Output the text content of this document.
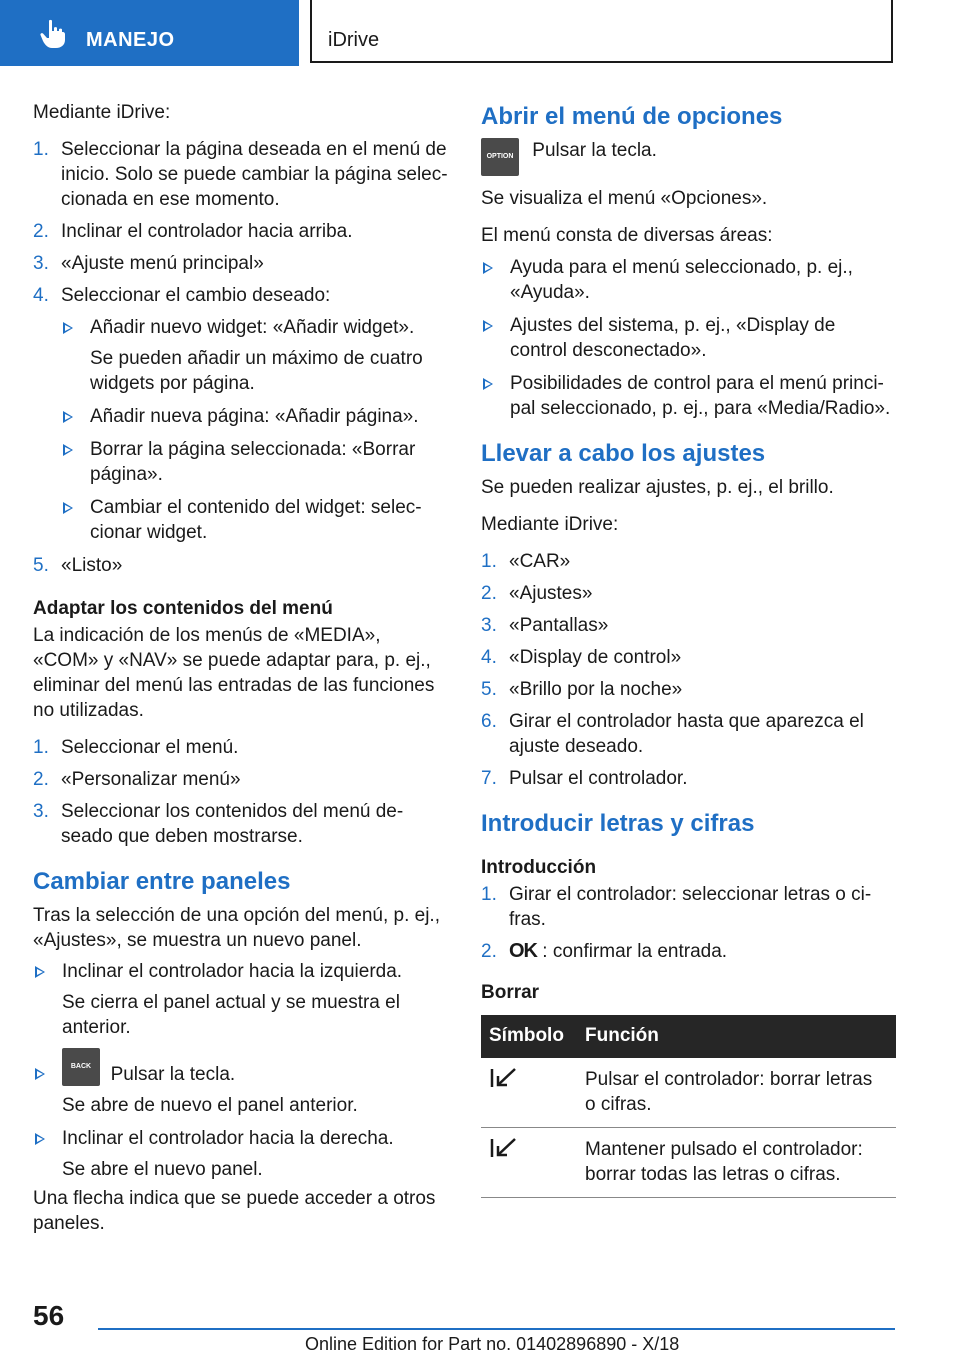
MANEJO	iDrive

Mediante iDrive:

1. Seleccionar la página deseada en el menú de inicio. Solo se puede cambiar la página seleccionada en ese momento.
2. Inclinar el controlador hacia arriba.
3. «Ajuste menú principal»
4. Seleccionar el cambio deseado:
Añadir nuevo widget: «Añadir widget».
Se pueden añadir un máximo de cuatro widgets por página.
Añadir nueva página: «Añadir página».
Borrar la página seleccionada: «Borrar página».
Cambiar el contenido del widget: seleccionar widget.
5. «Listo»
Adaptar los contenidos del menú

La indicación de los menús de «MEDIA», «COM» y «NAV» se puede adaptar para, p. ej., eliminar del menú las entradas de las funciones no utilizadas.

1. Seleccionar el menú.
2. «Personalizar menú»
3. Seleccionar los contenidos del menú deseado que deben mostrarse.
Cambiar entre paneles

Tras la selección de una opción del menú, p. ej., «Ajustes», se muestra un nuevo panel.

Inclinar el controlador hacia la izquierda.
Se cierra el panel actual y se muestra el anterior.
BACK Pulsar la tecla.
Se abre de nuevo el panel anterior.
Inclinar el controlador hacia la derecha.
Se abre el nuevo panel.

Una flecha indica que se puede acceder a otros paneles.

Abrir el menú de opciones
OPTION Pulsar la tecla.

Se visualiza el menú «Opciones».

El menú consta de diversas áreas:

Ayuda para el menú seleccionado, p. ej., «Ayuda».
Ajustes del sistema, p. ej., «Display de control desconectado».
Posibilidades de control para el menú principal seleccionado, p. ej., para «Media/Radio».
Llevar a cabo los ajustes

Se pueden realizar ajustes, p. ej., el brillo.

Mediante iDrive:

1. «CAR»
2. «Ajustes»
3. «Pantallas»
4. «Display de control»
5. «Brillo por la noche»
6. Girar el controlador hasta que aparezca el ajuste deseado.
7. Pulsar el controlador.
Introducir letras y cifras
Introducción
1. Girar el controlador: seleccionar letras o cifras.
2. OK : confirmar la entrada.
Borrar
Símbolo	Función
	Pulsar el controlador: borrar letras o cifras.
	Mantener pulsado el controlador: borrar todas las letras o cifras.
56
Online Edition for Part no. 01402896890 - X/18
